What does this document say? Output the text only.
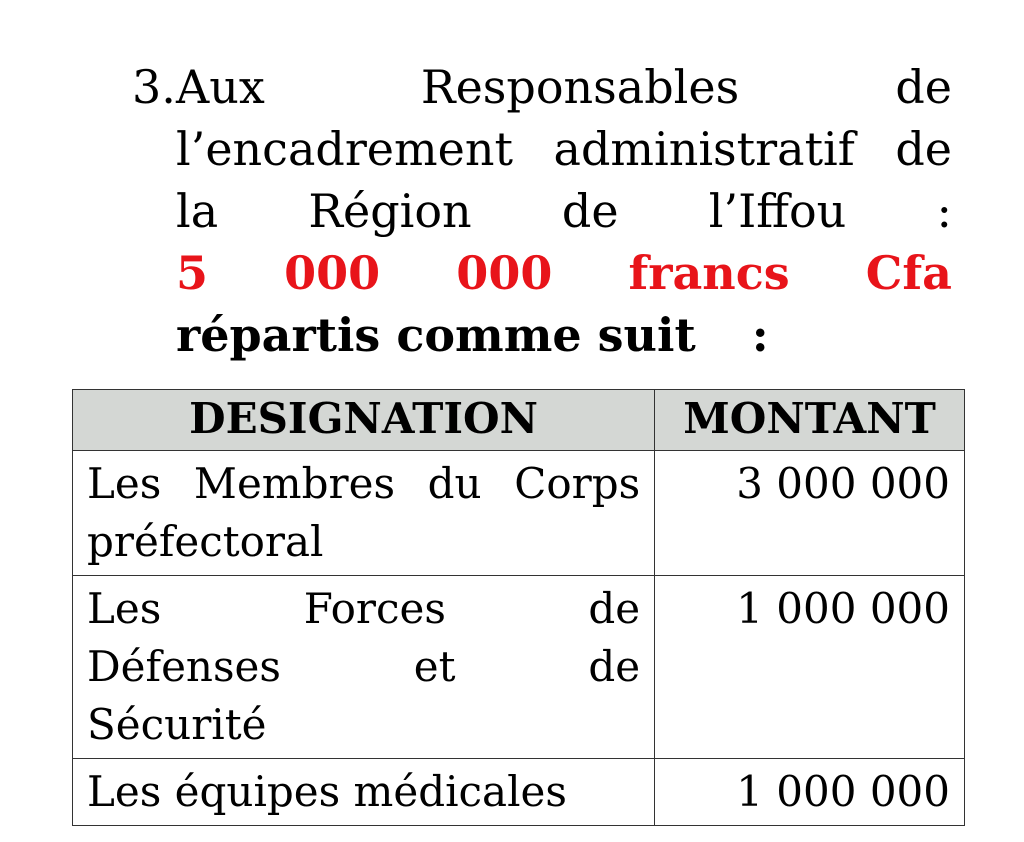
3. Aux Responsables de
l’encadrement administratif de
la Région de l’Iffou :
5 000 000 francs Cfa
répartis comme suit :
DESIGNATION	MONTANT
Les Membres du Corps préfectoral	3 000 000

Les Forces de
Défenses et de
Sécurité	1 000 000
Les équipes médicales	1 000 000
